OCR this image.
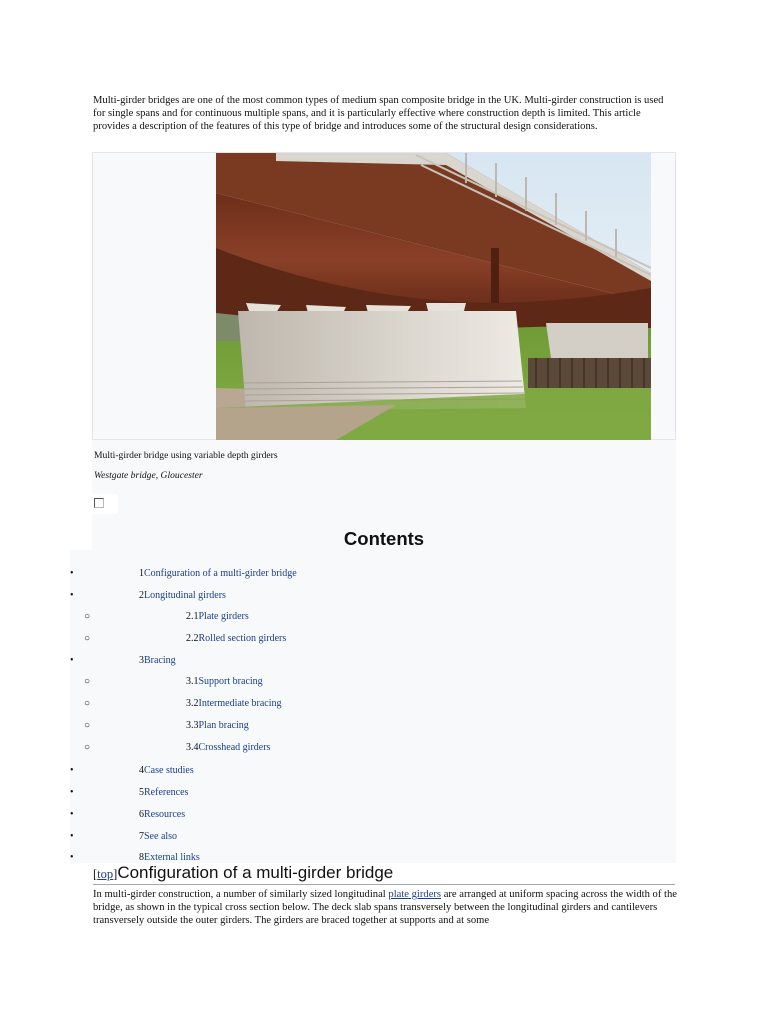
Multi-girder bridges are one of the most common types of medium span composite bridge in the UK. Multi-girder construction is used for single spans and for continuous multiple spans, and it is particularly effective where construction depth is limited. This article provides a description of the features of this type of bridge and introduces some of the structural design considerations.

Multi-girder bridge using variable depth girders

Westgate bridge, Gloucester

Contents
•	1Configuration of a multi-girder bridge
•	2Longitudinal girders
○	2.1Plate girders
○	2.2Rolled section girders
•	3Bracing
○	3.1Support bracing
○	3.2Intermediate bracing
○	3.3Plan bracing
○	3.4Crosshead girders
•	4Case studies
•	5References
•	6Resources
•	7See also
•	8External links
[top]Configuration of a multi-girder bridge

In multi-girder construction, a number of similarly sized longitudinal plate girders are arranged at uniform spacing across the width of the bridge, as shown in the typical cross section below. The deck slab spans transversely between the longitudinal girders and cantilevers transversely outside the outer girders. The girders are braced together at supports and at some
